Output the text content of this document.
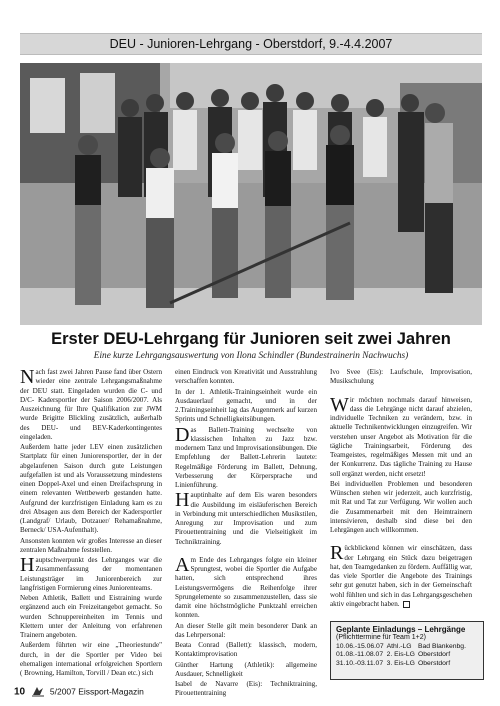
DEU - Junioren-Lehrgang - Oberstdorf, 9.-4.4.2007
Erster DEU-Lehrgang für Junioren seit zwei Jahren
Eine kurze Lehrgangsauswertung von Ilona Schindler (Bundestrainerin Nachwuchs)

Nach fast zwei Jahren Pause fand über Ostern wieder eine zentrale Lehrgangsmaßnahme der DEU statt. Eingeladen wurden die C- und D/C- Kadersportler der Saison 2006/2007. Als Auszeichnung für Ihre Qualifikation zur JWM wurde Brigitte Blickling zusätzlich, außerhalb des DEU- und BEV-Kaderkontingentes eingeladen.

Außerdem hatte jeder LEV einen zusätzlichen Startplatz für einen Juniorensportler, der in der abgelaufenen Saison durch gute Leistungen aufgefallen ist und als Voraussetzung mindestens einen Doppel-Axel und einen Dreifachsprung in einem relevanten Wettbewerb gestanden hatte. Aufgrund der kurzfristigen Einladung kam es zu drei Absagen aus dem Bereich der Kadersportler (Landgraf/ Urlaub, Dotzauer/ Rehamaßnahme, Berneck/ USA-Aufenthalt).

Ansonsten konnten wir großes Interesse an dieser zentralen Maßnahme feststellen.

Hauptschwerpunkt des Lehrganges war die Zusammenfassung der momentanen Leistungsträger im Juniorenbereich zur langfristigen Formierung eines Juniorenteams.

Neben Athletik, Ballett und Eistraining wurde ergänzend auch ein Freizeitangebot gemacht. So wurden Schnuppereinheiten im Tennis und Klettern unter der Anleitung von erfahrenen Trainern angeboten.

Außerdem führten wir eine „Theoriestunde" durch, in der die Sportler per Video bei ehemaligen international erfolgreichen Sportlern ( Browning, Hamilton, Torvill / Dean etc.) sich

einen Eindruck von Kreativität und Ausstrahlung verschaffen konnten.

In der 1. Athletik-Trainingseinheit wurde ein Ausdauerlauf gemacht, und in der 2.Trainingseinheit lag das Augenmerk auf kurzen Sprints und Schnelligkeitsübungen.

Das Ballett-Training wechselte von klassischen Inhalten zu Jazz bzw. modernem Tanz und Improvisationsübungen. Die Empfehlung der Ballett-Lehrerin lautete: Regelmäßige Förderung im Ballett, Dehnung, Verbesserung der Körpersprache und Linienführung.

Hauptinhalte auf dem Eis waren besonders die Ausbildung im eisläuferischen Bereich in Verbindung mit unterschiedlichen Musikstilen, Anregung zur Improvisation und zum Pirouettentraining und die Vielseitigkeit im Techniktraining.

Am Ende des Lehrganges folgte ein kleiner Sprungtest, wobei die Sportler die Aufgabe hatten, sich entsprechend ihres Leistungsvermögens die Reihenfolge ihrer Sprungelemente so zusammenzustellen, dass sie damit eine höchstmögliche Punktzahl erreichen konnten.

An dieser Stelle gilt mein besonderer Dank an das Lehrpersonal:

Beata Conrad (Ballett): klassisch, modern, Kontaktimprovisation

Günther Hartung (Athletik): allgemeine Ausdauer, Schnelligkeit

Isabel de Navarre (Eis): Techniktraining, Pirouettentraining

Ivo Svee (Eis): Laufschule, Improvisation, Musikschulung

Wir möchten nochmals darauf hinweisen, dass die Lehrgänge nicht darauf abzielen, individuelle Techniken zu verändern, bzw. in aktuelle Technikentwicklungen einzugreifen. Wir verstehen unser Angebot als Motivation für die tägliche Trainingsarbeit, Förderung des Teamgeistes, regelmäßiges Messen mit und an der Konkurrenz. Das tägliche Training zu Hause soll ergänzt werden, nicht ersetzt!

Bei individuellen Problemen und besonderen Wünschen stehen wir jederzeit, auch kurzfristig, mit Rat und Tat zur Verfügung. Wir wollen auch die Zusammenarbeit mit den Heimtrainern intensivieren, deshalb sind diese bei den Lehrgängen auch willkommen.

Rückblickend können wir einschätzen, dass der Lehrgang ein Stück dazu beigetragen hat, den Teamgedanken zu fördern. Auffällig war, das viele Sportler die Angebote des Trainings sehr gut genutzt haben, sich in der Gemeinschaft wohl fühlten und sich in das Lehrgangsgeschehen aktiv eingebracht haben.

Geplante Einladungs – Lehrgänge
(Pflichttermine für Team 1+2)
10.06.-15.06.07	Athl.-LG	Bad Blankenbg.
01.08.-11.08.07	2. Eis-LG	Oberstdorf
31.10.-03.11.07	3. Eis-LG	Oberstdorf
10	5/2007 Eissport-Magazin
